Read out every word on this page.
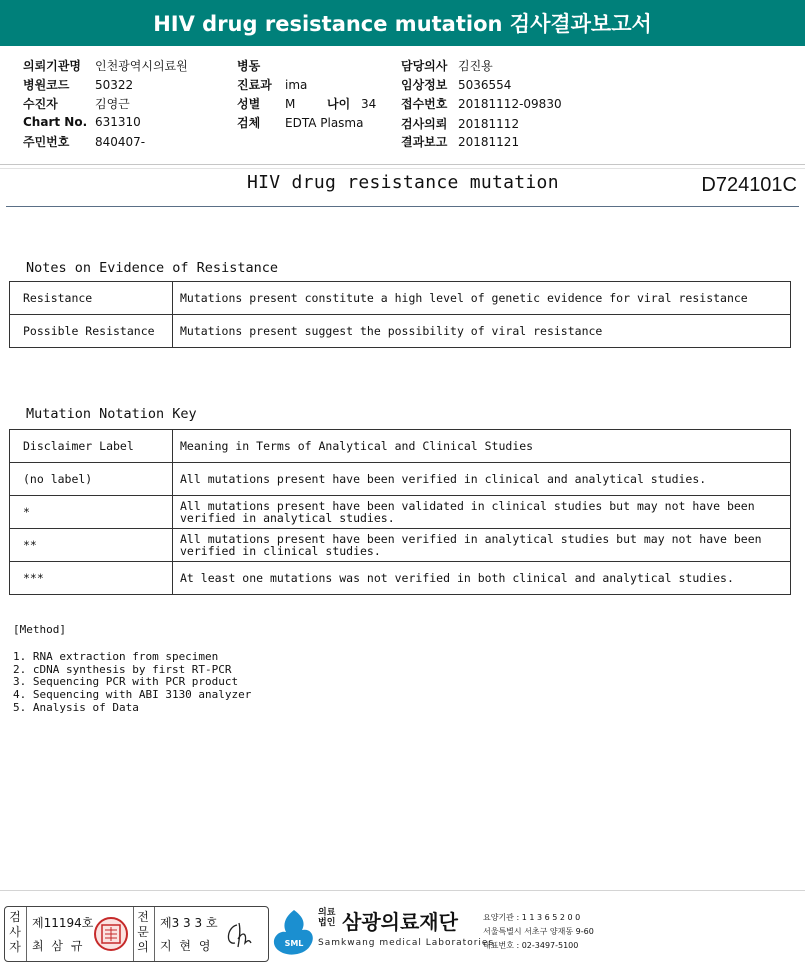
HIV drug resistance mutation 검사결과보고서
의뢰기관명 인천광역시의료원
병원코드 50322
수진자	김영근
Chart No. 631310
주민번호 840407-
병동
진료과 ima
성별 M	나이 34
검체 EDTA Plasma
담당의사 김진용
임상정보 5036554
접수번호 20181112-09830
검사의뢰 20181112
결과보고 20181121
HIV drug resistance mutation	D724101C
Notes on Evidence of Resistance
Resistance	Mutations present constitute a high level of genetic evidence for viral resistance
Possible Resistance	Mutations present suggest the possibility of viral resistance
Mutation Notation Key
Disclaimer Label	Meaning in Terms of Analytical and Clinical Studies
(no label)	All mutations present have been verified in clinical and analytical studies.
*	All mutations present have been validated in clinical studies but may not have been verified in analytical studies.
**	All mutations present have been verified in analytical studies but may not have been verified in clinical studies.
***	At least one mutations was not verified in both clinical and analytical studies.
[Method]
1. RNA extraction from specimen
2. cDNA synthesis by first RT-PCR
3. Sequencing PCR with PCR product
4. Sequencing with ABI 3130 analyzer
5. Analysis of Data
검사자
제11194호
최 삼 규
전문의
제3 3 3 호
지 현 영	SML
의료
법인 삼광의료재단
Samkwang medical Laboratories
요양기관 : 1 1 3 6 5 2 0 0
서울특별시 서초구 양재동 9-60
대표번호 : 02-3497-5100
